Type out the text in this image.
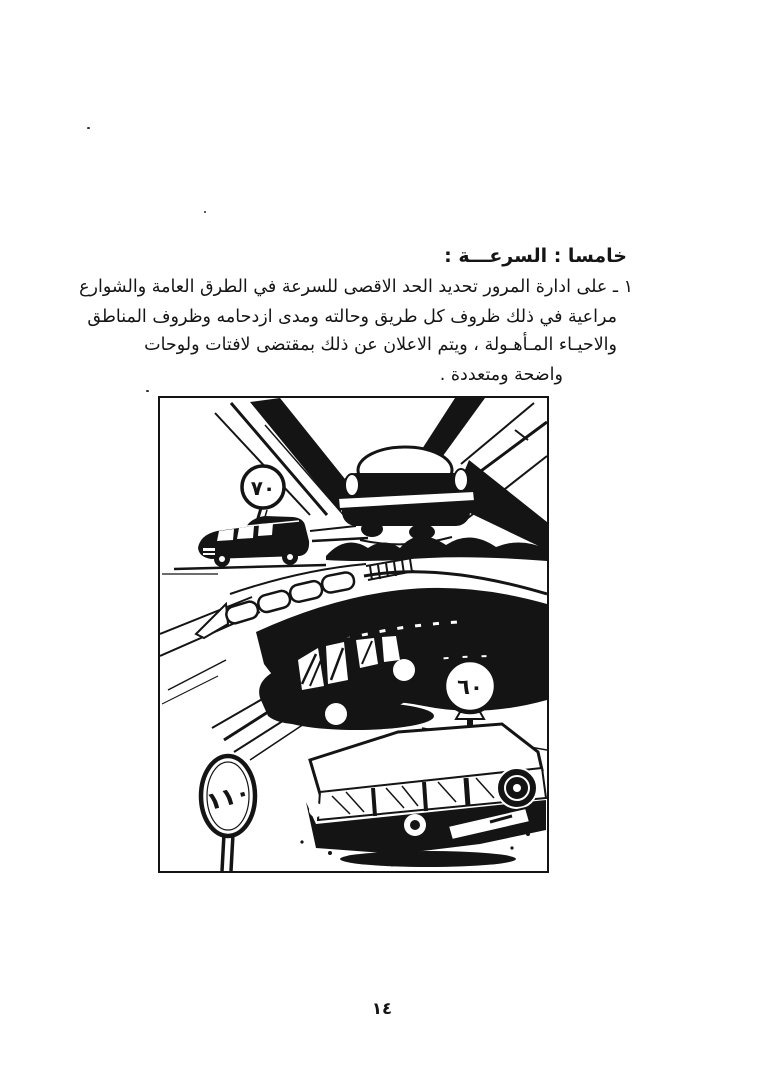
خامسا : السرعـــة :
١ ـ على ادارة المرور تحديد الحد الاقصى للسرعة في الطرق العامة والشوارع
مراعية في ذلك ظروف كل طريق وحالته ومدى ازدحامه وظروف المناطق
والاحيـاء المـأهـولة ، ويتم الاعلان عن ذلك بمقتضى لافتات ولوحات
واضحة ومتعددة .
٧٠
٦٠
١١٠
١٤
